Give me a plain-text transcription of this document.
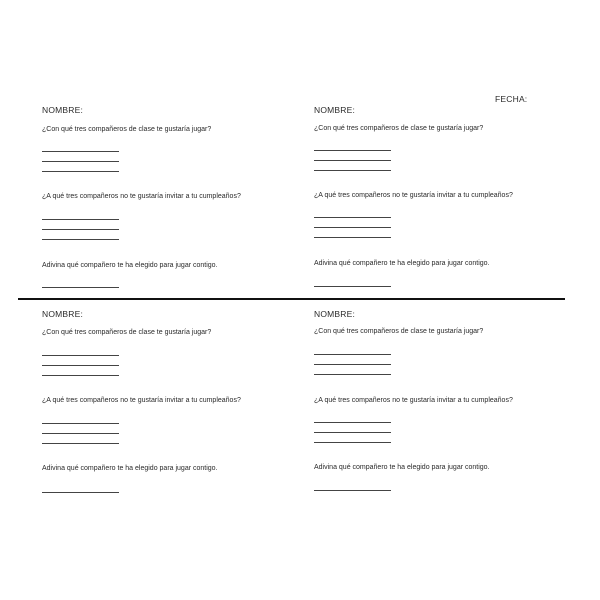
FECHA:
NOMBRE:
¿Con qué tres compañeros de clase te gustaría jugar?
¿A qué tres compañeros no te gustaría invitar a tu cumpleaños?
Adivina qué compañero te ha elegido para jugar contigo.
NOMBRE:
¿Con qué tres compañeros de clase te gustaría jugar?
¿A qué tres compañeros no te gustaría invitar a tu cumpleaños?
Adivina qué compañero te ha elegido para jugar contigo.
NOMBRE:
¿Con qué tres compañeros de clase te gustaría jugar?
¿A qué tres compañeros no te gustaría invitar a tu cumpleaños?
Adivina qué compañero te ha elegido para jugar contigo.
NOMBRE:
¿Con qué tres compañeros de clase te gustaría jugar?
¿A qué tres compañeros no te gustaría invitar a tu cumpleaños?
Adivina qué compañero te ha elegido para jugar contigo.
